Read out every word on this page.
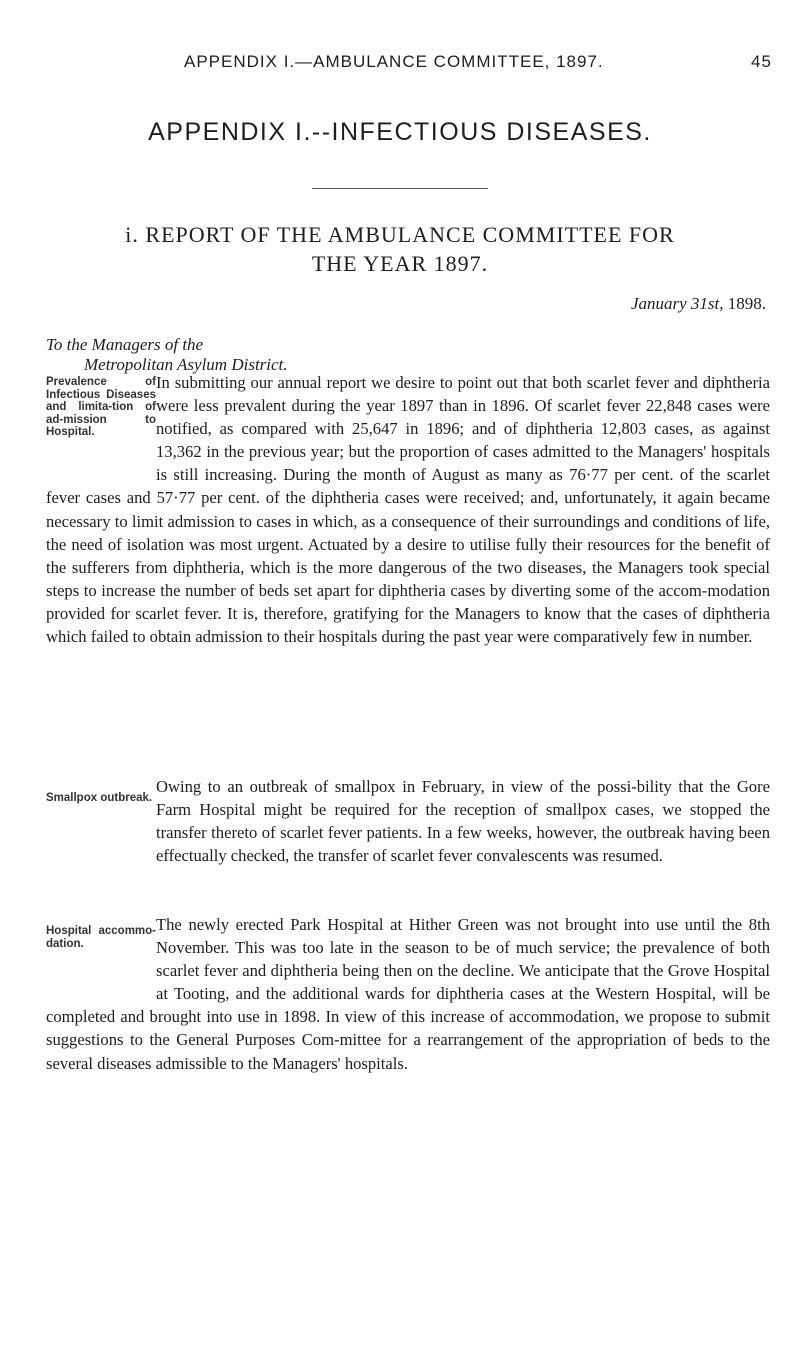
APPENDIX I.—AMBULANCE COMMITTEE, 1897.	45
APPENDIX I.--INFECTIOUS DISEASES.
i. REPORT OF THE AMBULANCE COMMITTEE FOR
THE YEAR 1897.
January 31st, 1898.
To the Managers of the
Metropolitan Asylum District.
Prevalence of Infectious Diseases and limita-tion of ad-mission to Hospital.

In submitting our annual report we desire to point out that both scarlet fever and diphtheria were less prevalent during the year 1897 than in 1896. Of scarlet fever 22,848 cases were notified, as compared with 25,647 in 1896; and of diphtheria 12,803 cases, as against 13,362 in the previous year; but the proportion of cases admitted to the Managers' hospitals is still increasing. During the month of August as many as 76·77 per cent. of the scarlet fever cases and 57·77 per cent. of the diphtheria cases were received; and, unfortunately, it again became necessary to limit admission to cases in which, as a consequence of their surroundings and conditions of life, the need of isolation was most urgent. Actuated by a desire to utilise fully their resources for the benefit of the sufferers from diphtheria, which is the more dangerous of the two diseases, the Managers took special steps to increase the number of beds set apart for diphtheria cases by diverting some of the accom-modation provided for scarlet fever. It is, therefore, gratifying for the Managers to know that the cases of diphtheria which failed to obtain admission to their hospitals during the past year were comparatively few in number.

Smallpox outbreak.

Owing to an outbreak of smallpox in February, in view of the possi-bility that the Gore Farm Hospital might be required for the reception of smallpox cases, we stopped the transfer thereto of scarlet fever patients. In a few weeks, however, the outbreak having been effectually checked, the transfer of scarlet fever convalescents was resumed.

Hospital accommo-dation.

The newly erected Park Hospital at Hither Green was not brought into use until the 8th November. This was too late in the season to be of much service; the prevalence of both scarlet fever and diphtheria being then on the decline. We anticipate that the Grove Hospital at Tooting, and the additional wards for diphtheria cases at the Western Hospital, will be completed and brought into use in 1898. In view of this increase of accommodation, we propose to submit suggestions to the General Purposes Com-mittee for a rearrangement of the appropriation of beds to the several diseases admissible to the Managers' hospitals.
